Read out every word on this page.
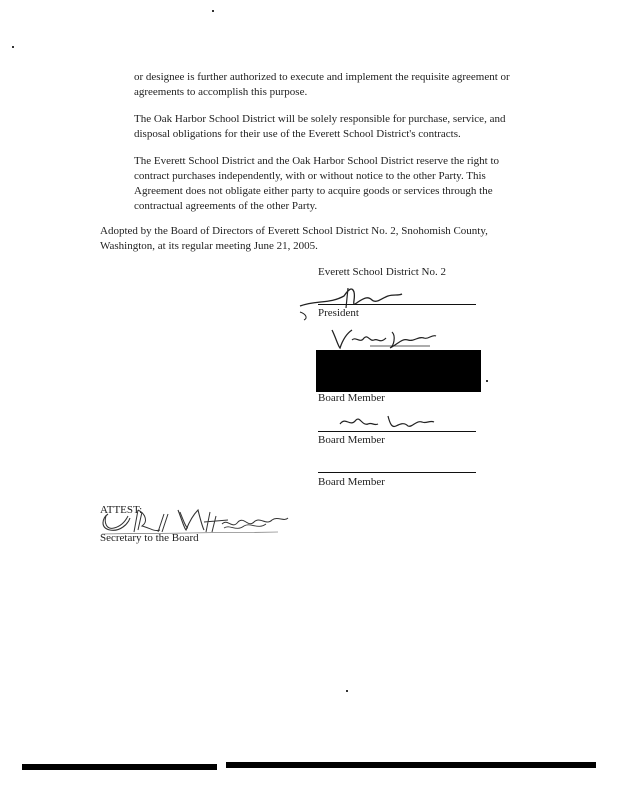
or designee is further authorized to execute and implement the requisite agreement or agreements to accomplish this purpose.

The Oak Harbor School District will be solely responsible for purchase, service, and disposal obligations for their use of the Everett School District's contracts.

The Everett School District and the Oak Harbor School District reserve the right to contract purchases independently, with or without notice to the other Party. This Agreement does not obligate either party to acquire goods or services through the contractual agreements of the other Party.

Adopted by the Board of Directors of Everett School District No. 2, Snohomish County, Washington, at its regular meeting June 21, 2005.

Everett School District No. 2
President
Board Member
Board Member
Board Member
ATTEST:
Secretary to the Board
